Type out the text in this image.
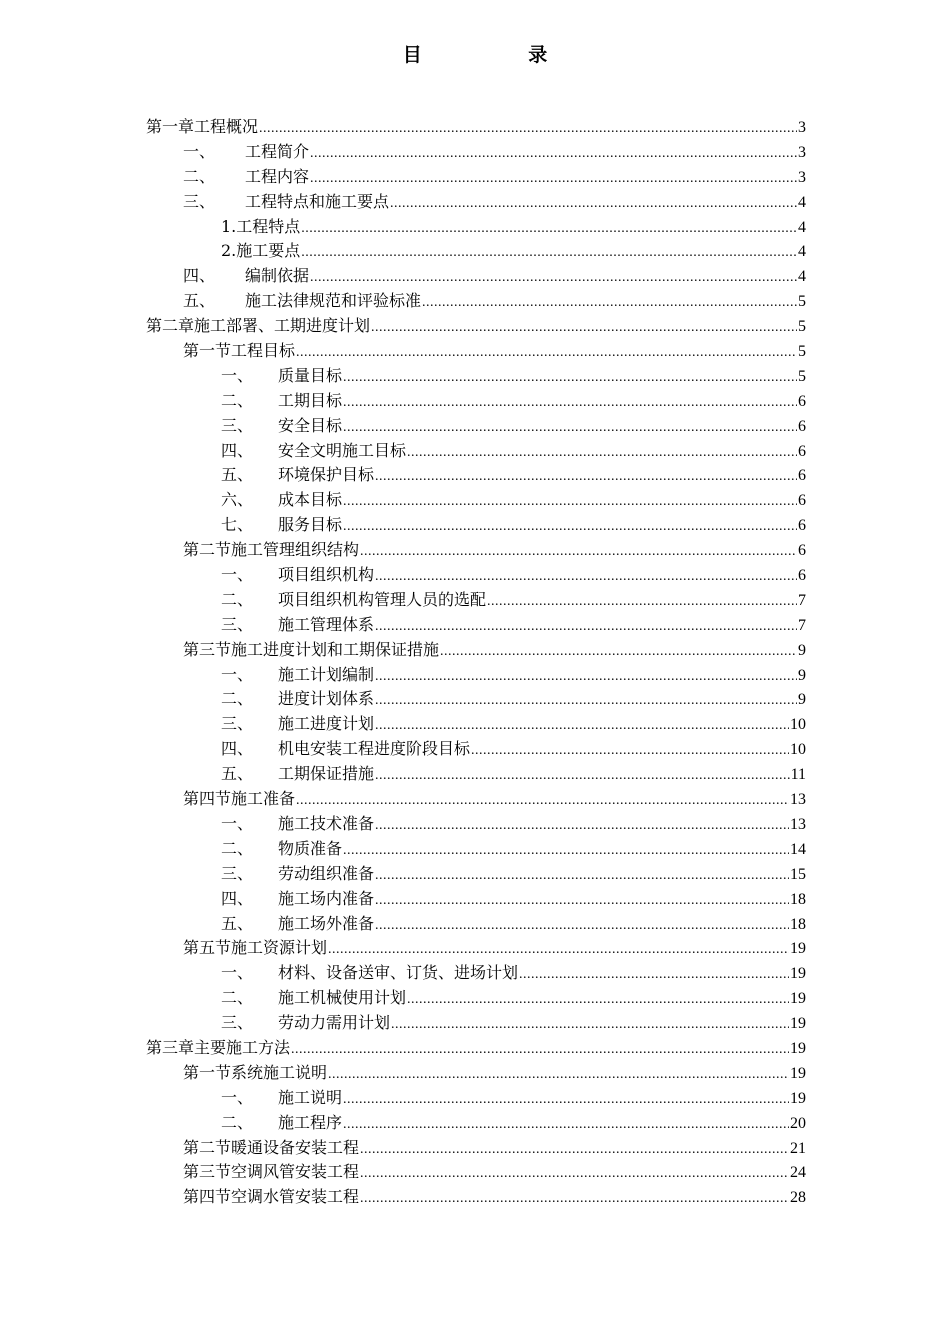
目 录
第一章工程概况 .....	3
一、	工程简介 .....	3
二、	工程内容 .....	3
三、	工程特点和施工要点 .....	4
1.工程特点 .....	4
2.施工要点 .....	4
四、	编制依据 .....	4
五、	施工法律规范和评验标准 .....	5
第二章施工部署、工期进度计划 .....	5
第一节工程目标 .....	5
一、	质量目标 .....	5
二、	工期目标 .....	6
三、	安全目标 .....	6
四、	安全文明施工目标 .....	6
五、	环境保护目标 .....	6
六、	成本目标 .....	6
七、	服务目标 .....	6
第二节施工管理组织结构 .....	6
一、	项目组织机构 .....	6
二、	项目组织机构管理人员的选配 .....	7
三、	施工管理体系 .....	7
第三节施工进度计划和工期保证措施 .....	9
一、	施工计划编制 .....	9
二、	进度计划体系 .....	9
三、	施工进度计划 .....	10
四、	机电安装工程进度阶段目标 .....	10
五、	工期保证措施 .....	11
第四节施工准备 .....	13
一、	施工技术准备 .....	13
二、	物质准备 .....	14
三、	劳动组织准备 .....	15
四、	施工场内准备 .....	18
五、	施工场外准备 .....	18
第五节施工资源计划 .....	19
一、	材料、设备送审、订货、进场计划 .....	19
二、	施工机械使用计划 .....	19
三、	劳动力需用计划 .....	19
第三章主要施工方法 .....	19
第一节系统施工说明 .....	19
一、	施工说明 .....	19
二、	施工程序 .....	20
第二节暖通设备安装工程 .....	21
第三节空调风管安装工程 .....	24
第四节空调水管安装工程 .....	28
